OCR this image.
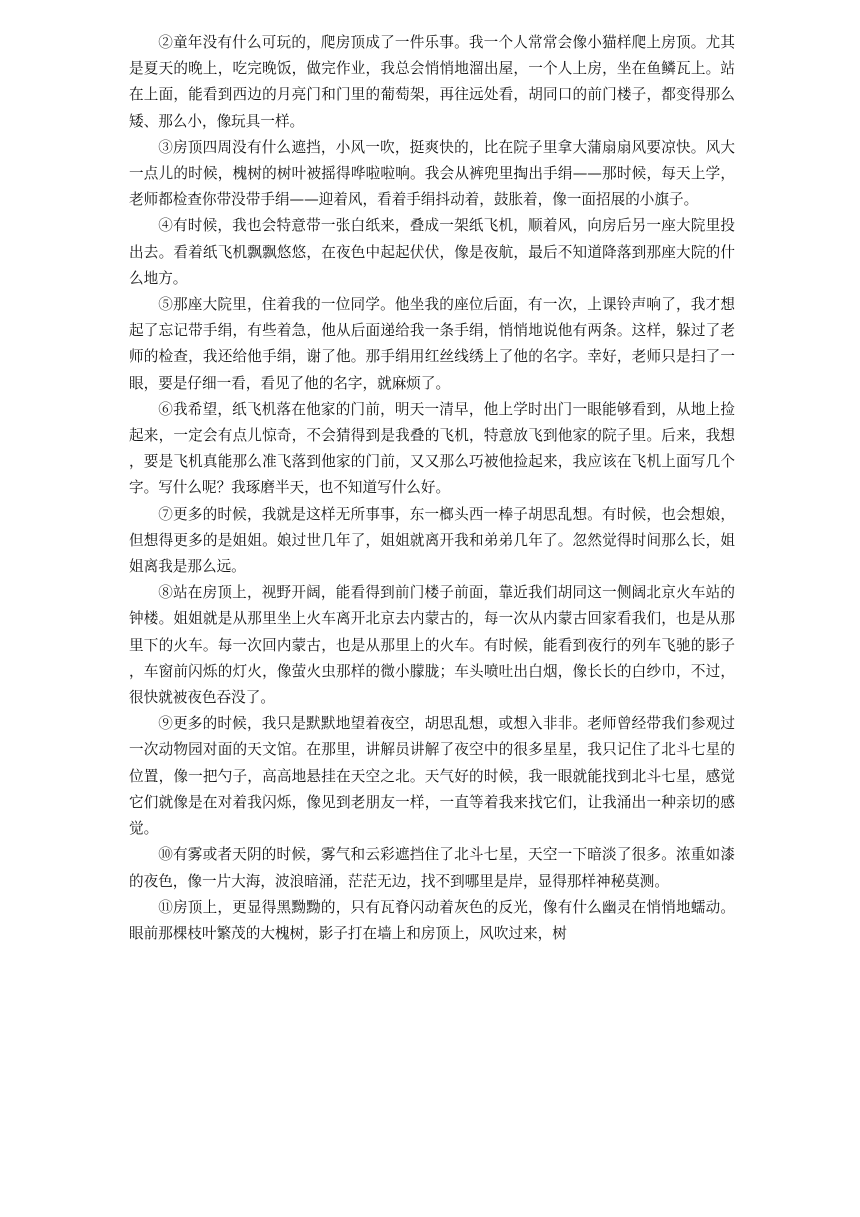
②童年没有什么可玩的，爬房顶成了一件乐事。我一个人常常会像小猫样爬上房顶。尤其是夏天的晚上，吃完晚饭，做完作业，我总会悄悄地溜出屋，一个人上房，坐在鱼鳞瓦上。站在上面，能看到西边的月亮门和门里的葡萄架，再往远处看，胡同口的前门楼子，都变得那么矮、那么小，像玩具一样。

③房顶四周没有什么遮挡，小风一吹，挺爽快的，比在院子里拿大蒲扇扇风要凉快。风大一点儿的时候，槐树的树叶被摇得哗啦啦响。我会从裤兜里掏出手绢——那时候，每天上学，老师都检查你带没带手绢——迎着风，看着手绢抖动着，鼓胀着，像一面招展的小旗子。

④有时候，我也会特意带一张白纸来，叠成一架纸飞机，顺着风，向房后另一座大院里投出去。看着纸飞机飘飘悠悠，在夜色中起起伏伏，像是夜航，最后不知道降落到那座大院的什么地方。

⑤那座大院里，住着我的一位同学。他坐我的座位后面，有一次，上课铃声响了，我才想起了忘记带手绢，有些着急，他从后面递给我一条手绢，悄悄地说他有两条。这样，躲过了老师的检查，我还给他手绢，谢了他。那手绢用红丝线绣上了他的名字。幸好，老师只是扫了一眼，要是仔细一看，看见了他的名字，就麻烦了。

⑥我希望，纸飞机落在他家的门前，明天一清早，他上学时出门一眼能够看到，从地上捡起来，一定会有点儿惊奇，不会猜得到是我叠的飞机，特意放飞到他家的院子里。后来，我想，要是飞机真能那么准飞落到他家的门前，又又那么巧被他捡起来，我应该在飞机上面写几个字。写什么呢？我琢磨半天，也不知道写什么好。

⑦更多的时候，我就是这样无所事事，东一榔头西一棒子胡思乱想。有时候，也会想娘，但想得更多的是姐姐。娘过世几年了，姐姐就离开我和弟弟几年了。忽然觉得时间那么长，姐姐离我是那么远。

⑧站在房顶上，视野开阔，能看得到前门楼子前面，靠近我们胡同这一侧阔北京火车站的钟楼。姐姐就是从那里坐上火车离开北京去内蒙古的，每一次从内蒙古回家看我们，也是从那里下的火车。每一次回内蒙古，也是从那里上的火车。有时候，能看到夜行的列车飞驰的影子，车窗前闪烁的灯火，像萤火虫那样的微小朦胧；车头喷吐出白烟，像长长的白纱巾，不过，很快就被夜色吞没了。

⑨更多的时候，我只是默默地望着夜空，胡思乱想，或想入非非。老师曾经带我们参观过一次动物园对面的天文馆。在那里，讲解员讲解了夜空中的很多星星，我只记住了北斗七星的位置，像一把勺子，高高地悬挂在天空之北。天气好的时候，我一眼就能找到北斗七星，感觉它们就像是在对着我闪烁，像见到老朋友一样，一直等着我来找它们，让我涌出一种亲切的感觉。

⑩有雾或者天阴的时候，雾气和云彩遮挡住了北斗七星，天空一下暗淡了很多。浓重如漆的夜色，像一片大海，波浪暗涌，茫茫无边，找不到哪里是岸，显得那样神秘莫测。

⑪房顶上，更显得黑黝黝的，只有瓦脊闪动着灰色的反光，像有什么幽灵在悄悄地蠕动。眼前那棵枝叶繁茂的大槐树，影子打在墙上和房顶上，风吹过来，树
